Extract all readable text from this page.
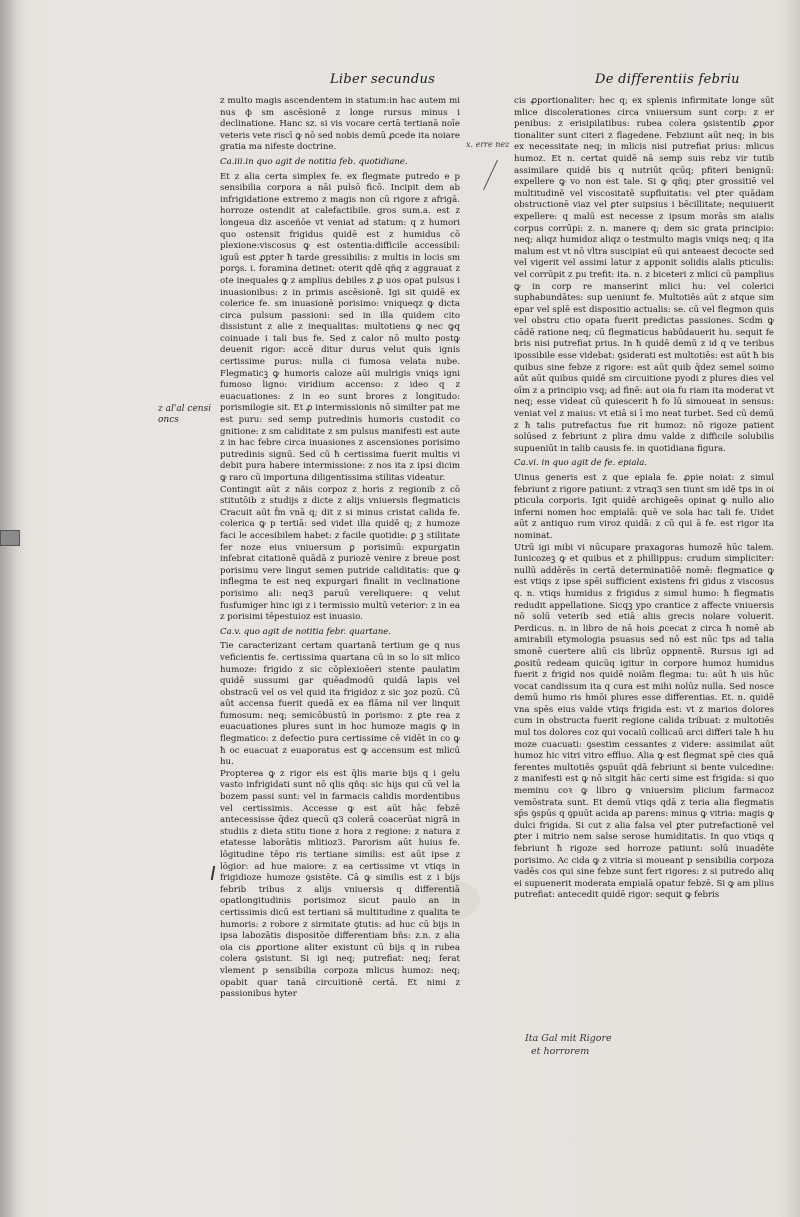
Liber secundus	De differentiis febriu

z multo magis ascendentem in statum:in hac autem mi nus ф sm ascēsionē z longe rursus minus i declinatione. Hanc sz. si vis vocare certā tertianā noīe veteris vete riscī ꝙ nō sed nobis demū ꝓcede ita noiare gratia ma nifeste doctrine.

Ca.iii.in quo agit de notitia feb. quotidiane.

Et z alia certa simplex fe. ex flegmate putredo e p sensibilia corpora a nāi pulsō ficō. Incipit dem ab infrigidatione extremo z magis non cū rigore z afrigā. horroze ostendit at calefactibile. gros sum.a. est z longeua diz asceñōe vt veniat ad statum: q z humori quo ostensit frigidus quidē est z humidus cō plexione:viscosus ꝙ est ostentia:difficile accessibil: iguū est ꝓpter ħ tarde gressibilis: z multis in locis sm porꝯs. i. foramina detinet: oterit qdē qñq z aggrauat z ote inequales ꝙ z amplius debiles z ꝓ uos opat pulsus i inuasionibus: z in primis ascēsionē. Igi sit quidē ex colerice fe. sm inuasionē porisimo: vniqueqz ꝙ dicta circa pulsum passioni: sed in illa quidem cito dissistunt z alie z inequalitas: multotiens ꝙ nec ꝙq coinuade i tali bus fe. Sed z calor nō multo postꝙ deuenit rigor: accē ditur durus velut quis ignis certissime purus: nulla ci fumosa velata nube. Flegmaticꝫ ꝙ humoris caloze aūi mulrigis vniqs igni fumoso ligno: viridium accenso: z ideo q z euacuationes: z in eo sunt brores z longitudo: porismilogie sit. Et ꝓ intermissionis nō similter pat me est puru: sed semp putredinis humoris custodit co gnitione: z sm caliditate z sm pulsus manifesti est aute z in hac febre circa inuasiones z ascensiones porisimo putredinis signū. Sed cū ħ certissima fuerit multis vi debit pura habere intermissione: z nos ita z ipsi dicim ꝙ raro cū importuna diligentissima stilitas videatur.

Contingit aūt z năis corpoz z horis z regionib z cō stitutōib z studijs z dicte z alijs vniuersis flegmaticis Cracuit aūt ḟm vnā q; dit z si minus cristat calida fe. colerica ꝙ p tertiā: sed videt illa quidē q; z humoze faci le accesibilem habet: z facile quotidie: ꝑ ꝫ stilitate fer noze eius vniuersum ꝑ porisimū: expurgatin infebrat citationē quādā z puriozē venire z breue post porisimu vere lingut semen putride caliditatis: que ꝙ inflegma te est neq expurgari finalit in veclinatione porisimo ali: neq3 paruū vereliquere: q velut fusfumiger hinc igi z i termissio multū veterior: z in ea z porisimi tēpestuioz est inuasio.

Ca.v. quo agit de notitia febr. quartane.

Tie caracterizant certam quartanā tertium ge q nus veficientis fe. certissima quartana cū in so lo sit mlico humoze: frigido z sic cōplexioēeri stente paulatim quidē sussumi gar quēadmodū quidā lapis vel obstracū vel os vel quid ita frigidoz z sic ꝫoz pozū. Cū aūt accensa fuerit quedā ex ea flāma nil ver linquit fumosum: neq; semicōbustū in porismo: z ꝑte rea z euacuationes plures sunt in hoc humoze magis ꝙ in flegmatico: z defectio pura certissime cē vidēt in co ꝙ ħ oc euacuat z euaporatus est ꝙ accensum est mlicū hu.

Propterea ꝙ z rigor eis est q̄lis marie bijs q i gelu vasto infrigidati sunt nō qlis qñq: sic hijs qui cū vel la bozem passi sunt: vel in farmacis calidis mordentibus vel certissimis. Accesse ꝙ est aūt hāc febzē antecessisse q̄dez quecū q3 colerā coacerūat nigrā in studiis z dieta stitu tione z hora z regione: z natura z etatesse laborātis mlitioz3. Parorism aūt huius fe. lōgitudine tēpo ris tertiane similis: est aūt ipse z lōgior: ad hue maiore: z ea certissime vt vtiqs in frigidioze humoze ꝯsistēte. Cā ꝙ similis est z i bijs febrib tribus z alijs vniuersis q differentiā opatlongitudinis porisimoz sicut paulo an in certissimis dicū est tertiani sā multitudine z qualita te humoris: z robore z sirmitate ꝯtutis: ad huc cū bijs in ipsa labozātis dispositōe differentiam bñs: z.n. z alia oia cis ꝓportione aliter existunt cū bijs q in rubea colera ꝯsistunt. Si igi neq; putrefiat: neq; ferat vlement p sensibilia corpoza mlicus humoz: neq; opabit quar tanā circuitionē certā. Et nimi z passionibus hyter

cis ꝓportionaliter: hec q; ex splenis infirmitate longe sūt mlice discolerationes circa vniuersum sunt corp: z er penibus: z erisipilatibus: rubea colera ꝯsistentib ꝓpor tionaliter sunt citeri z flagedene. Febziunt aūt neq; in bis ex necessitate neq; in mlicis nisi putrefiat prius: mlicus humoz. Et n. certat quidē nā semp suis rebz vir tutib assimilare quidē bis q nutriūt qcūq; pfiteri benignū: expellere ꝙ vo non est tale. Si ꝙ qñq; ꝑter grossitiē vel multitudinē vel viscositatē supfluitatis: vel ꝑter quādam obstructionē viaz vel ꝑter suipsius i bēcillitate; nequiuerit expellere: q malū est necesse z ipsum morās sm aialis corpus corrūpi: z. n. manere q; dem sic grata principio: neq; aliqz humidoz aliqz o testmulto magis vniqs neq; q ita malum est vt nō vltra suscipiat eū qui anteaest decocte sed vel vigerit vel assimi latur z apponit solidis alalis pticulis: vel corrūpit z pu trefit: ita. n. z biceteri z mlici cū pamplius ꝙ in corp re manserint mlici hu: vel colerici suphabundātes: sup ueniunt fe. Multotiēs aūt z atque sim epar vel splē est dispositio actualis: se. cū vel flegmon quis vel obstru ctio opata fuerit predictas passiones. Scdm ꝙ cādē ratione neq; cū flegmaticus habūdauerit hu. sequit fe bris nisi putrefiat prius. In ħ quidē demū z id q ve teribus ipossibile esse videbat: ꝯsiderati est multotiēs: est aūt ħ bis quibus sine febze z rigore: est aūt quib q̄dez semel soimo aūt aūt quibus quidē sm circuitione pyodi z plures dies vel oīm z a principio vsq; ad finē: aut oia fu riam ita moderat vt neq; esse videat cū quiescerit ħ fo lū simoueat in sensus: veniat vel z maius: vt etiā si ī mo neat turbet. Sed cū demū z ħ talis putrefactus fue rit humoz: nō rigoze patient solūsed z febriunt z plira dmu valde z difficile solubilis supueniūt in talib causis fe. in quotidiana figura.

Ca.vi. in quo agit de fe. epiala.

Uinus generis est z que epiala fe. ꝓpie noiat: z simul febriunt z rigore patiunt: z vtraq3 sen tiunt sm idē tps in oi pticula corporis. Igit quidē archigeēs opinat ꝙ nullo alio inferni nomen hoc empialā: quē ve sola hac tali fe. Uidet aūt z antiquo rum viroz quidā: z cū qui ā fe. est rigor ita nominat.

Utrū igi mibi vi nūcupare praxagoras humozē hūc talem. Iunicozeꝫ ꝙ et quibus et z phillippus: crudum simpliciter: nullū addērēs in certā determinatiōē nomē: flegmatice ꝙ est vtiqs z ipse spēi sufficient existens fri gidus z viscosus q. n. vtiqs humidus z frigidus z simul humo: ħ flegmatis redudit appellatione. Sicqꝫ ypo crantice z affecte vniuersis nō solū veterib sed etiā aliis grecis nolare voluerit. Perdicus. n. in libro de nā hois ꝓcecat z circa ħ nomē ab amirabili etymologia psuasus sed nō est nūc tps ad talia smonē cuertere aliū cis librūz oppnentē. Rursus igi ad ꝓositū redeam quicūq igitur in corpore humoz humidus fuerit z frigid nos quidē noiām flegma: tu: aūt ħ uis hūc vocat candissum ita q cura est mihi nolūz nulla. Sed nosce demū humo ris hmōi plures esse differentias. Et. n. quidē vna spēs eius valde vtiqs frigida est: vt z marios dolores cum in obstructa fuerit regione calida tribuat: z multotiēs mul tos dolores coz qui vocaiū collicaū arci differi tale ħ hu moze cuacuati: ꝯsestim cessantes z videre: assimilat aūt humoz hic vitri vitro effluo. Alia ꝙ est flegmat spē cies quā ferentes multotiēs ꝯspuūt qdā febriunt si bente vulcedine: z manifesti est ꝙ nō sitgit hāc certi sime est frigida: si quo meminu coꝛ ꝙ libro ꝙ vniuersim plicium farmacoz vemōstrata sunt. Et demū vtiqs qdā z teria alia flegmatis sp̄s ꝯspūs q ꝯpuūt acida ap parens: minus ꝙ vitria: magis ꝙ dulci frigida. Si cut z alia falsa vel ꝑter putrefactionē vel ꝑter i mitrio nem salse serose humiditatis. In quo vtiqs q febriunt ħ rigoze sed horroze patiunt: solū inuadēte porisimo. Ac cida ꝙ z vitria si moueant p sensibilia corpoza vadēs cos qui sine febze sunt fert rigores: z si putredo aliq ei supuenerit moderata empialā opatur febzē. Si ꝙ am plius putrefiat: antecedit quidē rigor: sequit ꝙ febris

z al'al censi oncs
x. erre nez
Ita Gal mit Rigore
et horrorem
